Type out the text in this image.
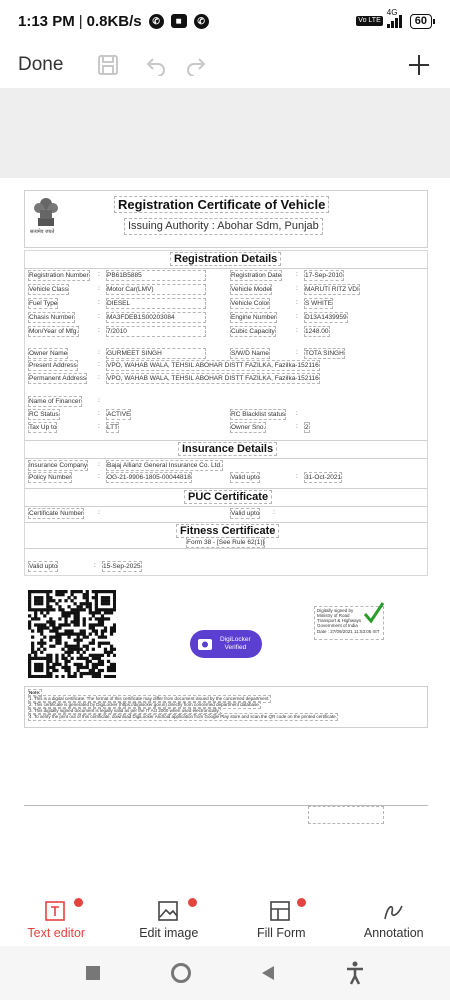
1:13 PM | 0.8KB/s	✆	◼	✆	Vo LTE
4G
60
Done
सत्यमेव जयते
Registration Certificate of Vehicle
Issuing Authority : Abohar Sdm, Punjab
Registration Details
Registration Number : PB61B5885	Registration Date : 17-Sep-2010
Vehicle Class	: Motor Car(LMV)	Vehicle Model	: MARUTI RITZ VDI
Fuel Type	: DIESEL	Vehicle Color	: S WHITE
Chasis Number	: MA3FDEB1S00203084	Engine Number	: D13A1439959
Mon/Year of Mfg.	: 7/2010	Cubic Capacity	: 1248.00
Owner Name	: GURMEET SINGH	S/W/D Name	: TOTA SINGH
Present Address	: VPO, WAHAB WALA, TEHSIL ABOHAR DISTT FAZILKA, Fazilka-152116
Permanent Address : VPO, WAHAB WALA, TEHSIL ABOHAR DISTT FAZILKA, Fazilka-152116
Name of Financer	:
RC Status	: ACTIVE	RC Blacklist status :
Tax Up to	: LTT	Owner Sno.	: 2
Insurance Details
Insurance Company : Bajaj Allianz General Insurance Co. Ltd.
Policy Number	: OG-21-9906-1805-00044818	Valid upto	: 31-Oct-2021
PUC Certificate
Certificate Number :	Valid upto :
Fitness Certificate
Form 38 - [See Rule 62(1)]
Valid upto	: 15-Sep-2025
DigiLocker
Verified
Digitally signed by
Ministry of Road
Transport & Highways
Government of India
Date : 27/09/2021 11:53:05 IST
Note:
1. This is a digital certificate. The format of this certificate may differ from document issued by the concerned department.
2. This certificate is generated by DigiLocker (https://digilocker.gov.in) directly from concerned department database.
3. This digitally signed document is legally valid as per the IT Act 2000 when used electronically.
4. To verify the print out of this certificate, download DigiLocker Android application from Google Play store and scan the QR code on the printed certificate.
Text editor	Edit image	Fill Form	Annotation
